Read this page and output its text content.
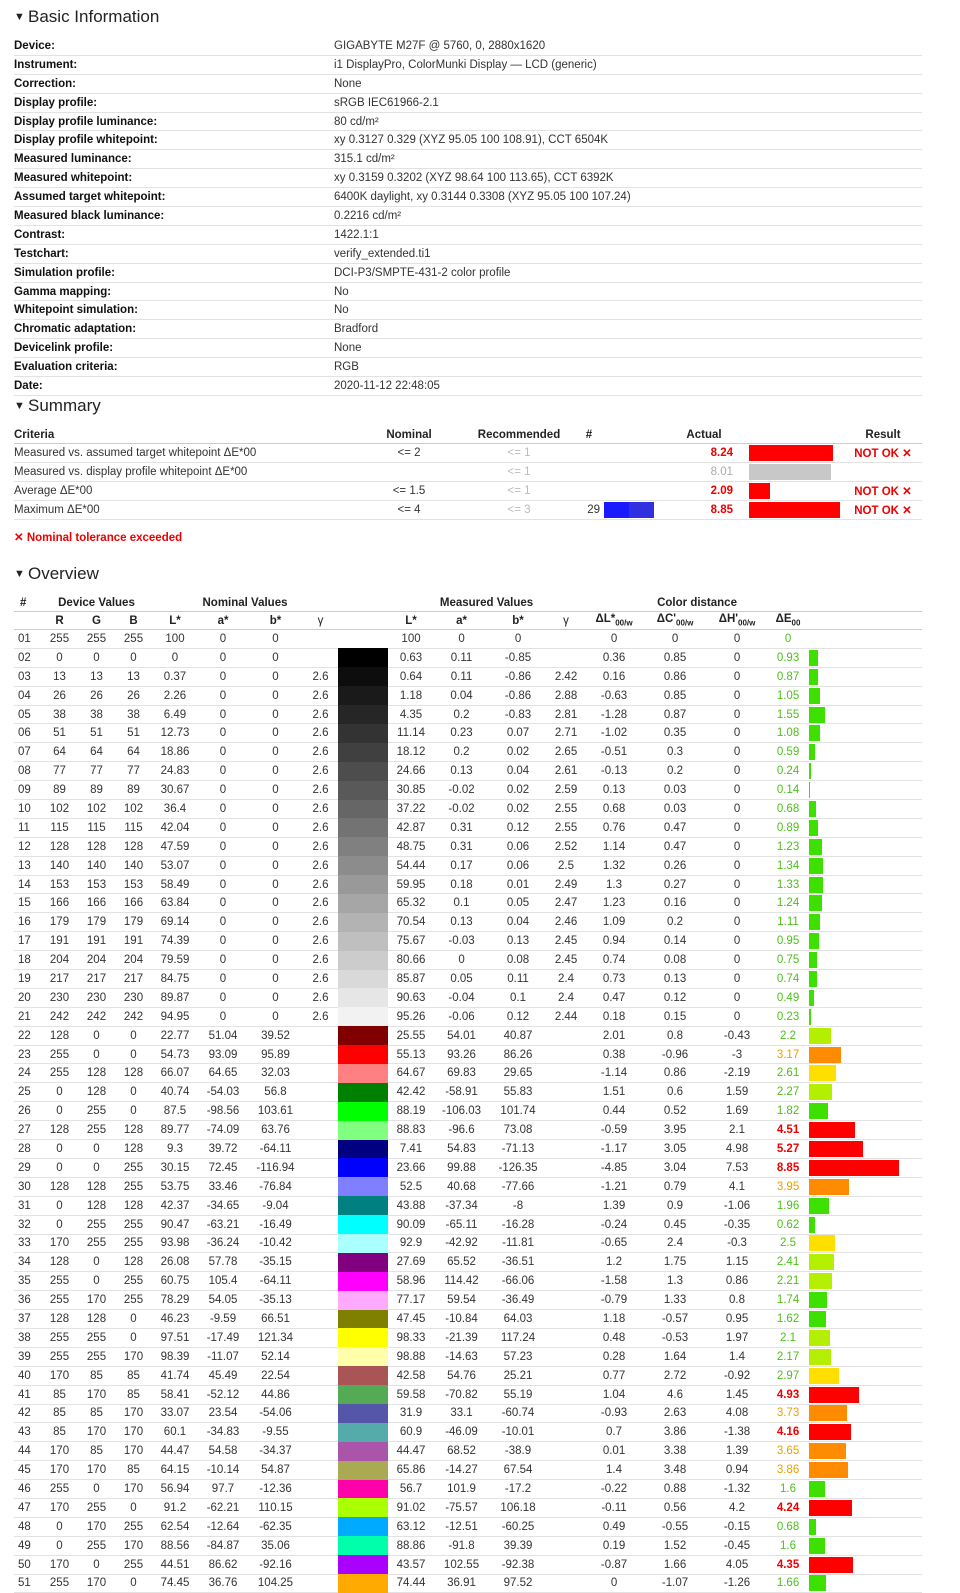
▼ Basic Information
Device:	GIGABYTE M27F @ 5760, 0, 2880x1620
Instrument:	i1 DisplayPro, ColorMunki Display — LCD (generic)
Correction:	None
Display profile:	sRGB IEC61966-2.1
Display profile luminance:	80 cd/m²
Display profile whitepoint:	xy 0.3127 0.329 (XYZ 95.05 100 108.91), CCT 6504K
Measured luminance:	315.1 cd/m²
Measured whitepoint:	xy 0.3159 0.3202 (XYZ 98.64 100 113.65), CCT 6392K
Assumed target whitepoint:	6400K daylight, xy 0.3144 0.3308 (XYZ 95.05 100 107.24)
Measured black luminance:	0.2216 cd/m²
Contrast:	1422.1:1
Testchart:	verify_extended.ti1
Simulation profile:	DCI-P3/SMPTE-431-2 color profile
Gamma mapping:	No
Whitepoint simulation:	No
Chromatic adaptation:	Bradford
Devicelink profile:	None
Evaluation criteria:	RGB
Date:	2020-11-12 22:48:05
▼ Summary
Criteria	Nominal	Recommended	#		Actual		Result
Measured vs. assumed target whitepoint ΔE*00	<= 2	<= 1			8.24		NOT OK ✕
Measured vs. display profile whitepoint ΔE*00		<= 1			8.01	

Average ΔE*00	<= 1.5	<= 1			2.09		NOT OK ✕
Maximum ΔE*00	<= 4	<= 3	29		8.85		NOT OK ✕
✕ Nominal tolerance exceeded
▼ Overview
#	Device Values			Nominal Values					Measured Values				Color distance				
	R	G	B	L*	a*	b*	γ		L*	a*	b*	γ	$\Delta L*_{00/w}$	$\Delta C'_{00/w}$	$\Delta H'_{00/w}$	$\Delta E_{00}$	
01	255	255	255	100	0	0			100	0	0		0	0	0	0	
02	0	0	0	0	0	0			0.63	0.11	-0.85		0.36	0.85	0	0.93	

03	13	13	13	0.37	0	0	2.6		0.64	0.11	-0.86	2.42	0.16	0.86	0	0.87	

04	26	26	26	2.26	0	0	2.6		1.18	0.04	-0.86	2.88	-0.63	0.85	0	1.05	

05	38	38	38	6.49	0	0	2.6		4.35	0.2	-0.83	2.81	-1.28	0.87	0	1.55	

06	51	51	51	12.73	0	0	2.6		11.14	0.23	0.07	2.71	-1.02	0.35	0	1.08	

07	64	64	64	18.86	0	0	2.6		18.12	0.2	0.02	2.65	-0.51	0.3	0	0.59	

08	77	77	77	24.83	0	0	2.6		24.66	0.13	0.04	2.61	-0.13	0.2	0	0.24	

09	89	89	89	30.67	0	0	2.6		30.85	-0.02	0.02	2.59	0.13	0.03	0	0.14	

10	102	102	102	36.4	0	0	2.6		37.22	-0.02	0.02	2.55	0.68	0.03	0	0.68	

11	115	115	115	42.04	0	0	2.6		42.87	0.31	0.12	2.55	0.76	0.47	0	0.89	

12	128	128	128	47.59	0	0	2.6		48.75	0.31	0.06	2.52	1.14	0.47	0	1.23	

13	140	140	140	53.07	0	0	2.6		54.44	0.17	0.06	2.5	1.32	0.26	0	1.34	

14	153	153	153	58.49	0	0	2.6		59.95	0.18	0.01	2.49	1.3	0.27	0	1.33	

15	166	166	166	63.84	0	0	2.6		65.32	0.1	0.05	2.47	1.23	0.16	0	1.24	

16	179	179	179	69.14	0	0	2.6		70.54	0.13	0.04	2.46	1.09	0.2	0	1.11	

17	191	191	191	74.39	0	0	2.6		75.67	-0.03	0.13	2.45	0.94	0.14	0	0.95	

18	204	204	204	79.59	0	0	2.6		80.66	0	0.08	2.45	0.74	0.08	0	0.75	

19	217	217	217	84.75	0	0	2.6		85.87	0.05	0.11	2.4	0.73	0.13	0	0.74	

20	230	230	230	89.87	0	0	2.6		90.63	-0.04	0.1	2.4	0.47	0.12	0	0.49	

21	242	242	242	94.95	0	0	2.6		95.26	-0.06	0.12	2.44	0.18	0.15	0	0.23	

22	128	0	0	22.77	51.04	39.52			25.55	54.01	40.87		2.01	0.8	-0.43	2.2	

23	255	0	0	54.73	93.09	95.89			55.13	93.26	86.26		0.38	-0.96	-3	3.17	

24	255	128	128	66.07	64.65	32.03			64.67	69.83	29.65		-1.14	0.86	-2.19	2.61	

25	0	128	0	40.74	-54.03	56.8			42.42	-58.91	55.83		1.51	0.6	1.59	2.27	

26	0	255	0	87.5	-98.56	103.61			88.19	-106.03	101.74		0.44	0.52	1.69	1.82	

27	128	255	128	89.77	-74.09	63.76			88.83	-96.6	73.08		-0.59	3.95	2.1	4.51	

28	0	0	128	9.3	39.72	-64.11			7.41	54.83	-71.13		-1.17	3.05	4.98	5.27	

29	0	0	255	30.15	72.45	-116.94			23.66	99.88	-126.35		-4.85	3.04	7.53	8.85	

30	128	128	255	53.75	33.46	-76.84			52.5	40.68	-77.66		-1.21	0.79	4.1	3.95	

31	0	128	128	42.37	-34.65	-9.04			43.88	-37.34	-8		1.39	0.9	-1.06	1.96	

32	0	255	255	90.47	-63.21	-16.49			90.09	-65.11	-16.28		-0.24	0.45	-0.35	0.62	

33	170	255	255	93.98	-36.24	-10.42			92.9	-42.92	-11.81		-0.65	2.4	-0.3	2.5	

34	128	0	128	26.08	57.78	-35.15			27.69	65.52	-36.51		1.2	1.75	1.15	2.41	

35	255	0	255	60.75	105.4	-64.11			58.96	114.42	-66.06		-1.58	1.3	0.86	2.21	

36	255	170	255	78.29	54.05	-35.13			77.17	59.54	-36.49		-0.79	1.33	0.8	1.74	

37	128	128	0	46.23	-9.59	66.51			47.45	-10.84	64.03		1.18	-0.57	0.95	1.62	

38	255	255	0	97.51	-17.49	121.34			98.33	-21.39	117.24		0.48	-0.53	1.97	2.1	

39	255	255	170	98.39	-11.07	52.14			98.88	-14.63	57.23		0.28	1.64	1.4	2.17	

40	170	85	85	41.74	45.49	22.54			42.58	54.76	25.21		0.77	2.72	-0.92	2.97	

41	85	170	85	58.41	-52.12	44.86			59.58	-70.82	55.19		1.04	4.6	1.45	4.93	

42	85	85	170	33.07	23.54	-54.06			31.9	33.1	-60.74		-0.93	2.63	4.08	3.73	

43	85	170	170	60.1	-34.83	-9.55			60.9	-46.09	-10.01		0.7	3.86	-1.38	4.16	

44	170	85	170	44.47	54.58	-34.37			44.47	68.52	-38.9		0.01	3.38	1.39	3.65	

45	170	170	85	64.15	-10.14	54.87			65.86	-14.27	67.54		1.4	3.48	0.94	3.86	

46	255	0	170	56.94	97.7	-12.36			56.7	101.9	-17.2		-0.22	0.88	-1.32	1.6	

47	170	255	0	91.2	-62.21	110.15			91.02	-75.57	106.18		-0.11	0.56	4.2	4.24	

48	0	170	255	62.54	-12.64	-62.35			63.12	-12.51	-60.25		0.49	-0.55	-0.15	0.68	

49	0	255	170	88.56	-84.87	35.06			88.86	-91.8	39.39		0.19	1.52	-0.45	1.6	

50	170	0	255	44.51	86.62	-92.16			43.57	102.55	-92.38		-0.87	1.66	4.05	4.35	

51	255	170	0	74.45	36.76	104.25			74.44	36.91	97.52		0	-1.07	-1.26	1.66	
